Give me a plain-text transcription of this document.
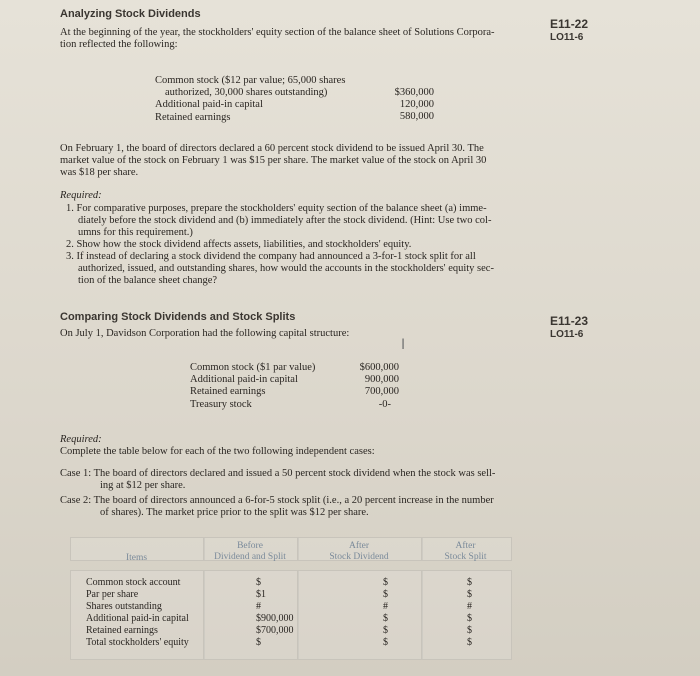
Analyzing Stock Dividends
E11-22
LO11-6
At the beginning of the year, the stockholders' equity section of the balance sheet of Solutions Corpora-
tion reflected the following:
Common stock ($12 par value; 65,000 shares
authorized, 30,000 shares outstanding)
Additional paid-in capital
Retained earnings
$360,000
120,000
580,000
On February 1, the board of directors declared a 60 percent stock dividend to be issued April 30. The
market value of the stock on February 1 was $15 per share. The market value of the stock on April 30
was $18 per share.
Required:
1. For comparative purposes, prepare the stockholders' equity section of the balance sheet (a) imme-
diately before the stock dividend and (b) immediately after the stock dividend. (Hint: Use two col-
umns for this requirement.)
2. Show how the stock dividend affects assets, liabilities, and stockholders' equity.
3. If instead of declaring a stock dividend the company had announced a 3-for-1 stock split for all
authorized, issued, and outstanding shares, how would the accounts in the stockholders' equity sec-
tion of the balance sheet change?
Comparing Stock Dividends and Stock Splits	E11-23
LO11-6
On July 1, Davidson Corporation had the following capital structure:
I
Common stock ($1 par value)
Additional paid-in capital
Retained earnings
Treasury stock
$600,000
900,000
700,000
-0-
Required:
Complete the table below for each of the two following independent cases:
Case 1: The board of directors declared and issued a 50 percent stock dividend when the stock was sell-
ing at $12 per share.
Case 2: The board of directors announced a 6-for-5 stock split (i.e., a 20 percent increase in the number
of shares). The market price prior to the split was $12 per share.
Items
Before
Dividend and Split
After
Stock Dividend
After
Stock Split
Common stock account
Par per share
Shares outstanding
Additional paid-in capital
Retained earnings
Total stockholders' equity
$
$1
#
$900,000
$700,000
$
$
$
#
$
$
$
$
$
#
$
$
$
